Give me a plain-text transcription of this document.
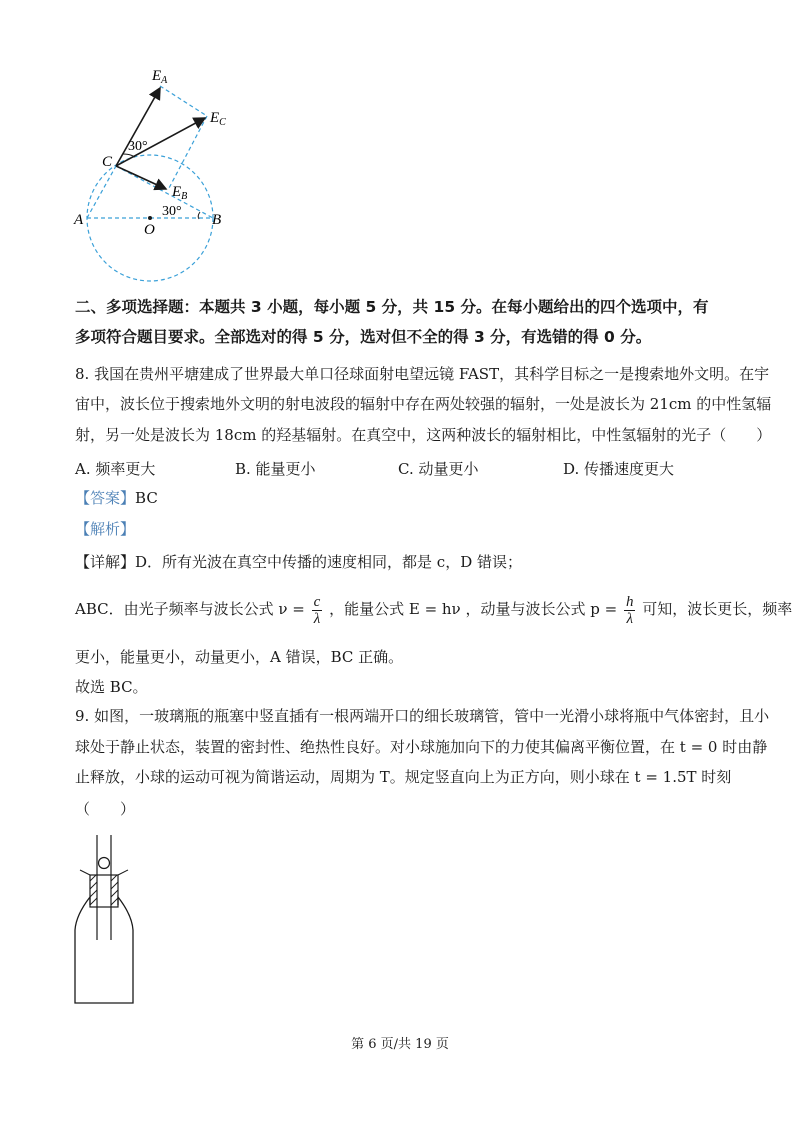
$E_A$
$E_C$
$E_B$
C
A	B
O
30°
30°
二、多项选择题：本题共 3 小题，每小题 5 分，共 15 分。在每小题给出的四个选项中，有
多项符合题目要求。全部选对的得 5 分，选对但不全的得 3 分，有选错的得 0 分。
8. 我国在贵州平塘建成了世界最大单口径球面射电望远镜 FAST，其科学目标之一是搜索地外文明。在宇
宙中，波长位于搜索地外文明的射电波段的辐射中存在两处较强的辐射，一处是波长为 21cm 的中性氢辐
射，另一处是波长为 18cm 的羟基辐射。在真空中，这两种波长的辐射相比，中性氢辐射的光子（　　）
A. 频率更大	B. 能量更小	C. 动量更小	D. 传播速度更大
【答案】BC
【解析】
【详解】D．所有光波在真空中传播的速度相同，都是 c，D 错误；
ABC．由光子频率与波长公式 $\nu = \frac{c}{\lambda}$ ，能量公式 E = hν ，动量与波长公式 $p = \frac{h}{\lambda}$ 可知，波长更长，频率
更小，能量更小，动量更小，A 错误，BC 正确。
故选 BC。
9. 如图，一玻璃瓶的瓶塞中竖直插有一根两端开口的细长玻璃管，管中一光滑小球将瓶中气体密封，且小
球处于静止状态，装置的密封性、绝热性良好。对小球施加向下的力使其偏离平衡位置，在 t = 0 时由静
止释放，小球的运动可视为简谐运动，周期为 T。规定竖直向上为正方向，则小球在 t = 1.5T 时刻
（　　）
第 6 页/共 19 页
